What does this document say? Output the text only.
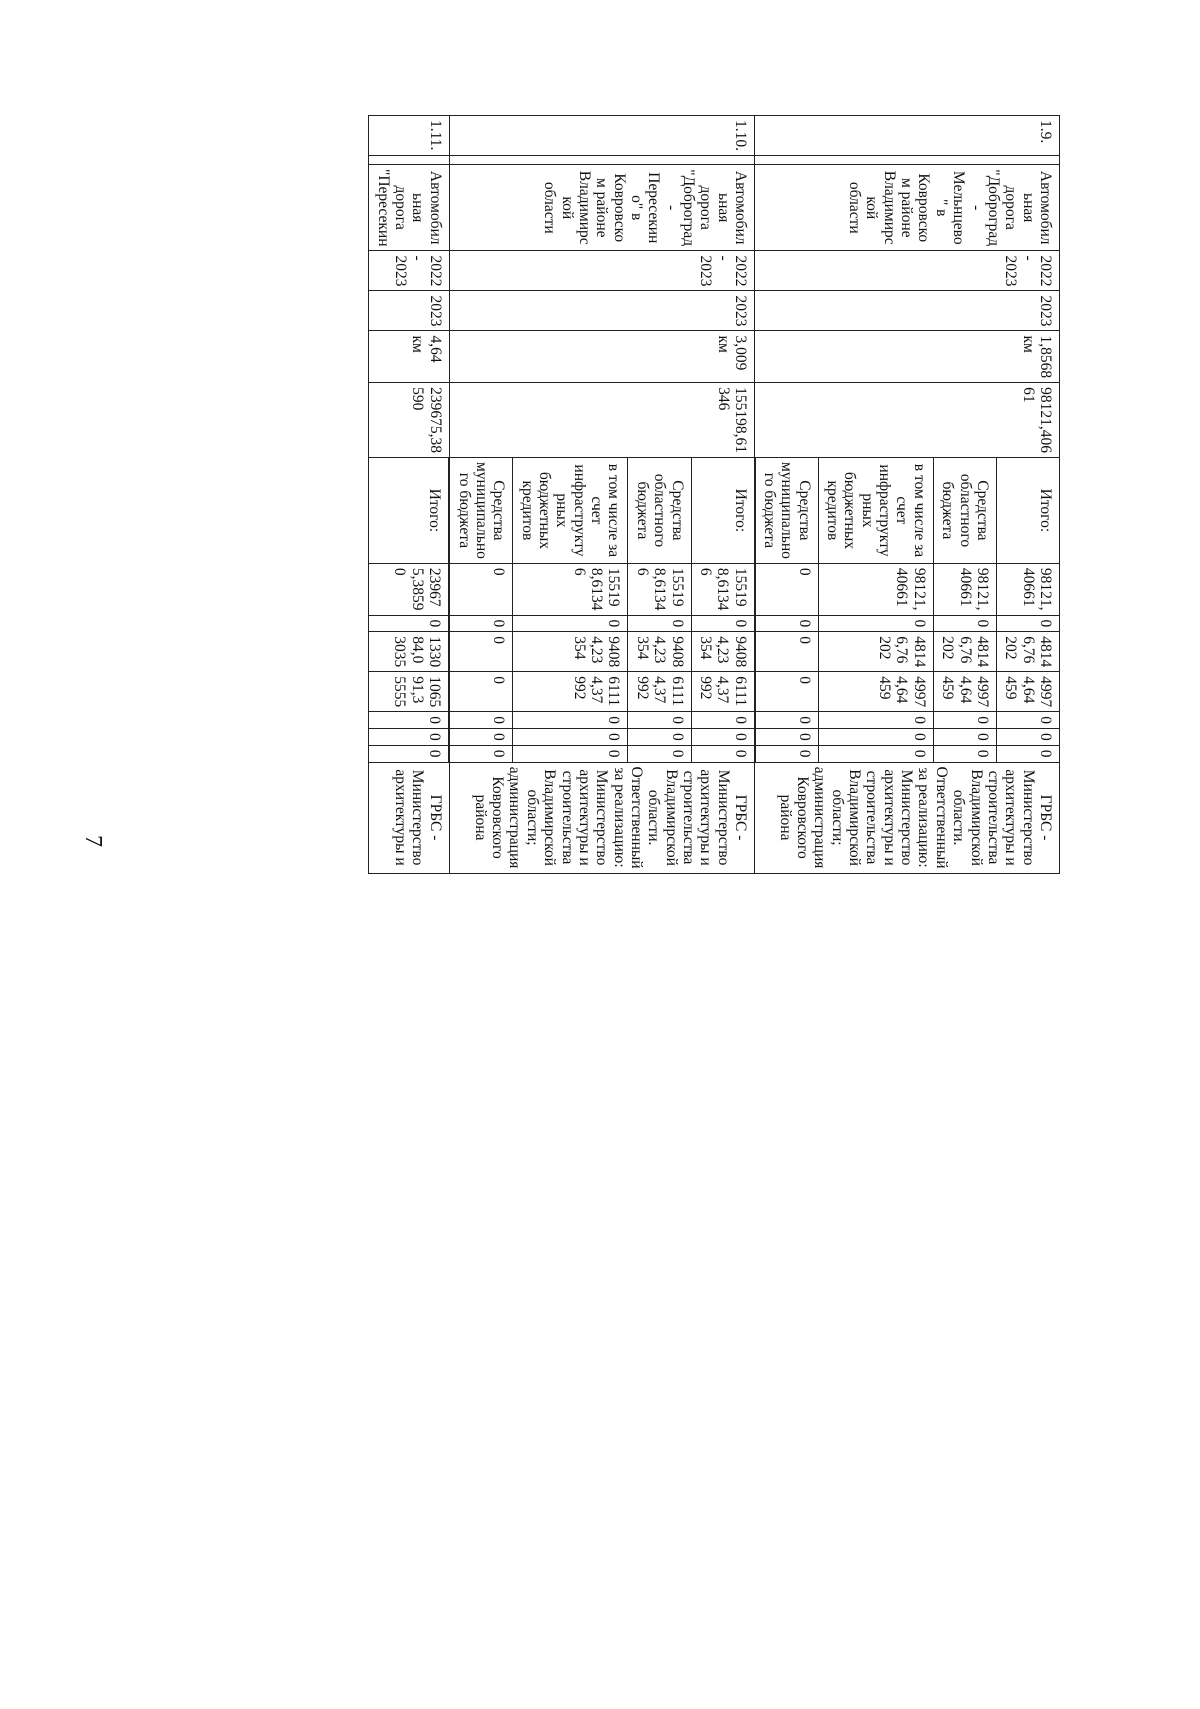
7
1.9.		Автомобил ьная дорога "Доброград - Мельнцево " в Ковровско м районе Владимирс кой области	2022 - 2023	2023	1,8568 км	98121,406 61	Итого:	98121, 40661	0	4814 6,76 202	4997 4,64 459	0	0	0	ГРБС - Министерство архитектуры и строительства Владимирской области. Ответственный за реализацию: Министерство архитектуры и строительства Владимирской области; администрация Ковровского района
							Средства областного бюджета	98121, 40661	0	4814 6,76 202	4997 4,64 459	0	0	0	
							в том числе за счет инфраструкту рных бюджетных кредитов	98121, 40661	0	4814 6,76 202	4997 4,64 459	0	0	0	
							Средства муниципально го бюджета	0	0	0	0	0	0	0	
1.10.		Автомобил ьная дорога "Доброград - Пересекин о" в Ковровско м районе Владимирс кой области	2022 - 2023	2023	3,009 км	155198,61 346	Итого:	15519 8,6134 6	0	9408 4,23 354	6111 4,37 992	0	0	0	ГРБС - Министерство архитектуры и строительства Владимирской области. Ответственный за реализацию: Министерство архитектуры и строительства Владимирской области; администрация Ковровского района
							Средства областного бюджета	15519 8,6134 6	0	9408 4,23 354	6111 4,37 992	0	0	0	
							в том числе за счет инфраструкту рных бюджетных кредитов	15519 8,6134 6	0	9408 4,23 354	6111 4,37 992	0	0	0	
							Средства муниципально го бюджета	0	0	0	0	0	0	0	
1.11.		Автомобил ьная дорога "Пересекин	2022 - 2023	2023	4,64 км	239675,38 590	Итого:	23967 5,3859 0	0	1330 84,0 3035	1065 91,3 5555	0	0	0	ГРБС - Министерство архитектуры и
